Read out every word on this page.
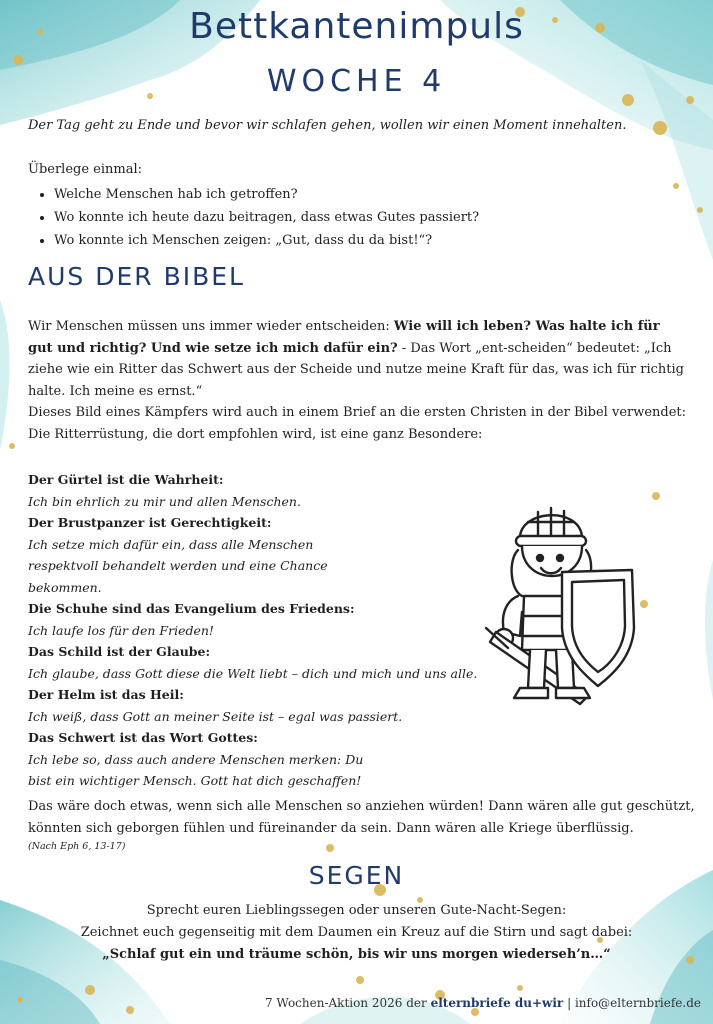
Bettkantenimpuls
WOCHE 4

Der Tag geht zu Ende und bevor wir schlafen gehen, wollen wir einen Moment innehalten.

Überlege einmal:

• Welche Menschen hab ich getroffen?
• Wo konnte ich heute dazu beitragen, dass etwas Gutes passiert?
• Wo konnte ich Menschen zeigen: „Gut, dass du da bist!“?
AUS DER BIBEL
Wir Menschen müssen uns immer wieder entscheiden: Wie will ich leben? Was halte ich für gut und richtig? Und wie setze ich mich dafür ein? - Das Wort „ent-scheiden“ bedeutet: „Ich ziehe wie ein Ritter das Schwert aus der Scheide und nutze meine Kraft für das, was ich für richtig halte. Ich meine es ernst.“
Dieses Bild eines Kämpfers wird auch in einem Brief an die ersten Christen in der Bibel verwendet: Die Ritterrüstung, die dort empfohlen wird, ist eine ganz Besondere:
Der Gürtel ist die Wahrheit:
Ich bin ehrlich zu mir und allen Menschen.
Der Brustpanzer ist Gerechtigkeit:
Ich setze mich dafür ein, dass alle Menschen respektvoll behandelt werden und eine Chance bekommen.
Die Schuhe sind das Evangelium des Friedens:
Ich laufe los für den Frieden!
Das Schild ist der Glaube:
Ich glaube, dass Gott diese die Welt liebt – dich und mich und uns alle.
Der Helm ist das Heil:
Ich weiß, dass Gott an meiner Seite ist – egal was passiert.
Das Schwert ist das Wort Gottes:
Ich lebe so, dass auch andere Menschen merken: Du bist ein wichtiger Mensch. Gott hat dich geschaffen!

Das wäre doch etwas, wenn sich alle Menschen so anziehen würden! Dann wären alle gut geschützt, könnten sich geborgen fühlen und füreinander da sein. Dann wären alle Kriege überflüssig.

(Nach Eph 6, 13-17)

SEGEN
Sprecht euren Lieblingssegen oder unseren Gute-Nacht-Segen:
Zeichnet euch gegenseitig mit dem Daumen ein Kreuz auf die Stirn und sagt dabei:
„Schlaf gut ein und träume schön, bis wir uns morgen wiederseh’n…“

7 Wochen-Aktion 2026 der elternbriefe du+wir | info@elternbriefe.de
